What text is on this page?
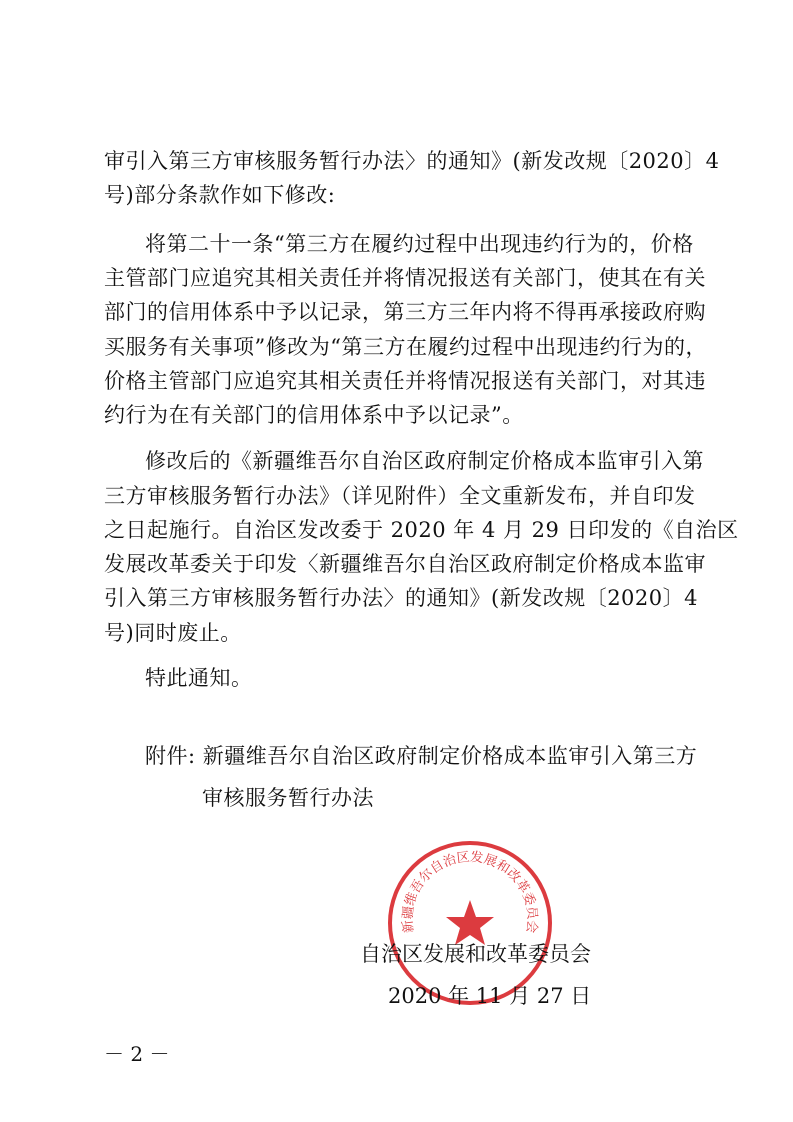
审引入第三方审核服务暂行办法〉的通知》(新发改规〔2020〕4
号)部分条款作如下修改:
将第二十一条“第三方在履约过程中出现违约行为的，价格
主管部门应追究其相关责任并将情况报送有关部门，使其在有关
部门的信用体系中予以记录，第三方三年内将不得再承接政府购
买服务有关事项”修改为“第三方在履约过程中出现违约行为的，
价格主管部门应追究其相关责任并将情况报送有关部门，对其违
约行为在有关部门的信用体系中予以记录”。
修改后的《新疆维吾尔自治区政府制定价格成本监审引入第
三方审核服务暂行办法》（详见附件）全文重新发布，并自印发
之日起施行。自治区发改委于 2020 年 4 月 29 日印发的《自治区
发展改革委关于印发〈新疆维吾尔自治区政府制定价格成本监审
引入第三方审核服务暂行办法〉的通知》(新发改规〔2020〕4
号)同时废止。
特此通知。
附件: 新疆维吾尔自治区政府制定价格成本监审引入第三方
审核服务暂行办法
新疆维吾尔自治区发展和改革委员会
自治区发展和改革委员会
2020 年 11 月 27 日
－ 2 －
